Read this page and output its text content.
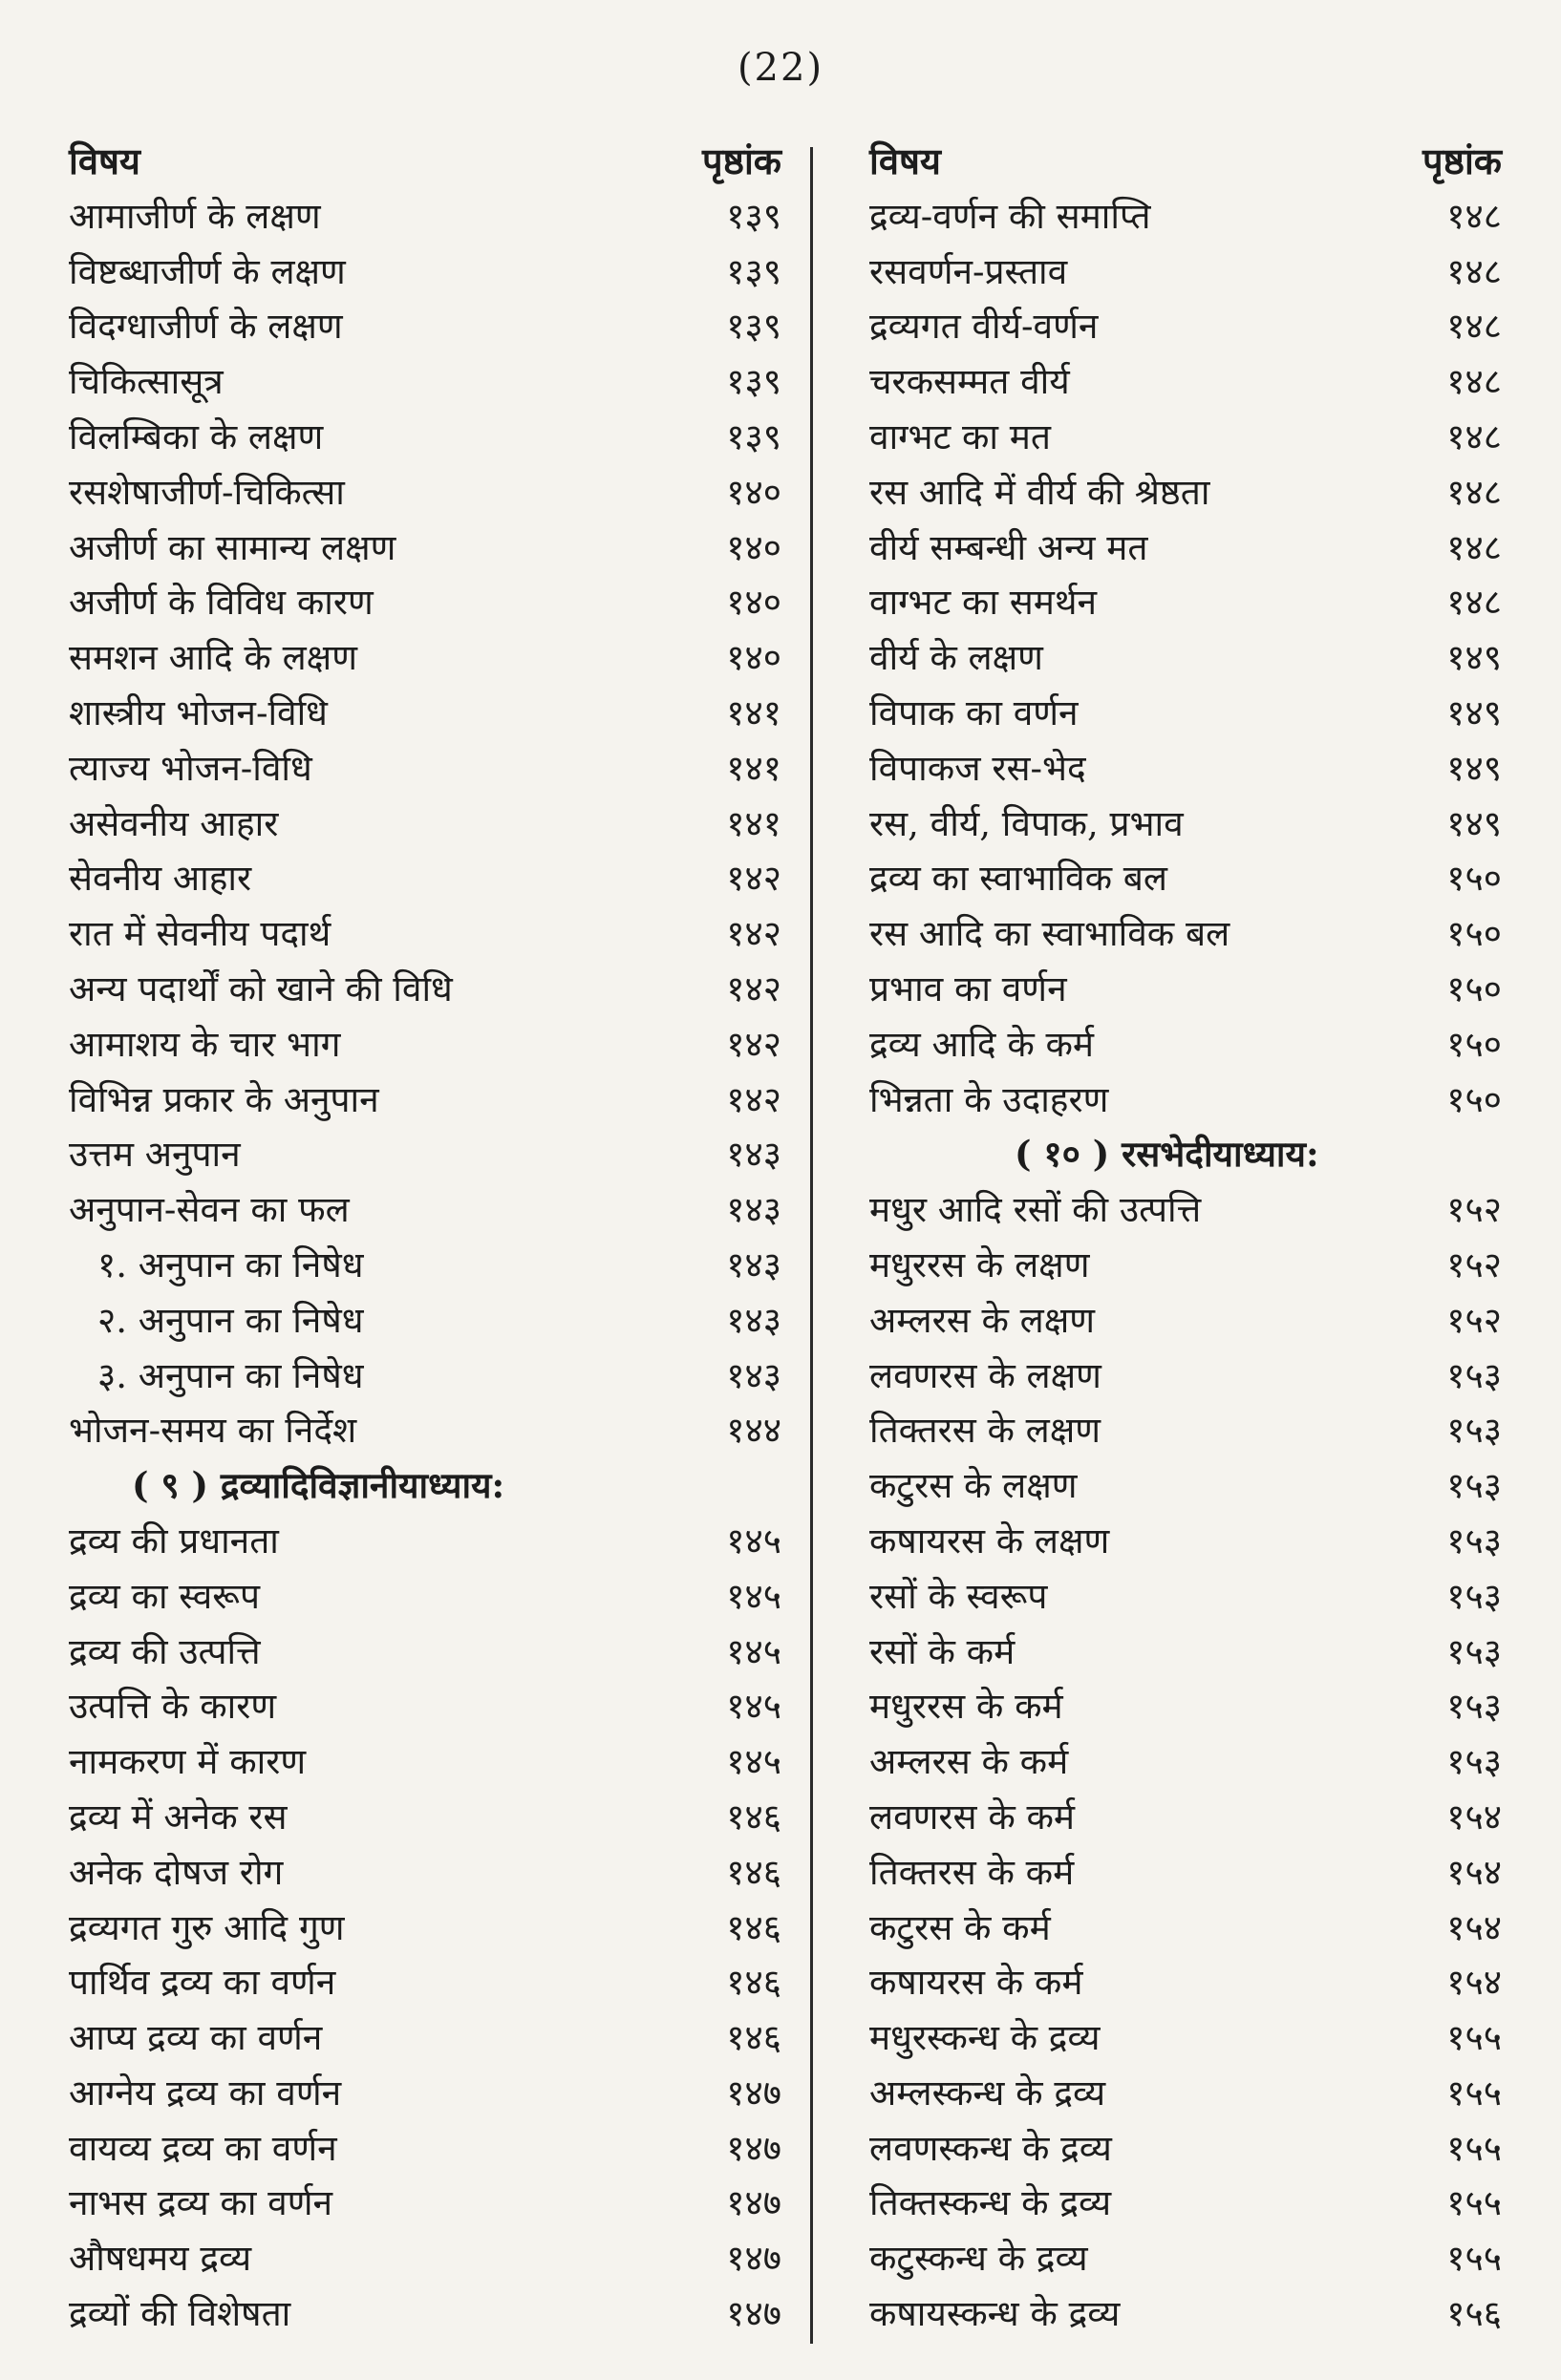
(22)
विषय	पृष्ठांक
आमाजीर्ण के लक्षण	१३९
विष्टब्धाजीर्ण के लक्षण	१३९
विदग्धाजीर्ण के लक्षण	१३९
चिकित्सासूत्र	१३९
विलम्बिका के लक्षण	१३९
रसशेषाजीर्ण-चिकित्सा	१४०
अजीर्ण का सामान्य लक्षण	१४०
अजीर्ण के विविध कारण	१४०
समशन आदि के लक्षण	१४०
शास्त्रीय भोजन-विधि	१४१
त्याज्य भोजन-विधि	१४१
असेवनीय आहार	१४१
सेवनीय आहार	१४२
रात में सेवनीय पदार्थ	१४२
अन्य पदार्थों को खाने की विधि	१४२
आमाशय के चार भाग	१४२
विभिन्न प्रकार के अनुपान	१४२
उत्तम अनुपान	१४३
अनुपान-सेवन का फल	१४३
१. अनुपान का निषेध	१४३
२. अनुपान का निषेध	१४३
३. अनुपान का निषेध	१४३
भोजन-समय का निर्देश	१४४
( ९ ) द्रव्यादिविज्ञानीयाध्याय:
द्रव्य की प्रधानता	१४५
द्रव्य का स्वरूप	१४५
द्रव्य की उत्पत्ति	१४५
उत्पत्ति के कारण	१४५
नामकरण में कारण	१४५
द्रव्य में अनेक रस	१४६
अनेक दोषज रोग	१४६
द्रव्यगत गुरु आदि गुण	१४६
पार्थिव द्रव्य का वर्णन	१४६
आप्य द्रव्य का वर्णन	१४६
आग्नेय द्रव्य का वर्णन	१४७
वायव्य द्रव्य का वर्णन	१४७
नाभस द्रव्य का वर्णन	१४७
औषधमय द्रव्य	१४७
द्रव्यों की विशेषता	१४७
विषय	पृष्ठांक
द्रव्य-वर्णन की समाप्ति	१४८
रसवर्णन-प्रस्ताव	१४८
द्रव्यगत वीर्य-वर्णन	१४८
चरकसम्मत वीर्य	१४८
वाग्भट का मत	१४८
रस आदि में वीर्य की श्रेष्ठता	१४८
वीर्य सम्बन्धी अन्य मत	१४८
वाग्भट का समर्थन	१४८
वीर्य के लक्षण	१४९
विपाक का वर्णन	१४९
विपाकज रस-भेद	१४९
रस, वीर्य, विपाक, प्रभाव	१४९
द्रव्य का स्वाभाविक बल	१५०
रस आदि का स्वाभाविक बल	१५०
प्रभाव का वर्णन	१५०
द्रव्य आदि के कर्म	१५०
भिन्नता के उदाहरण	१५०
( १० ) रसभेदीयाध्याय:
मधुर आदि रसों की उत्पत्ति	१५२
मधुररस के लक्षण	१५२
अम्लरस के लक्षण	१५२
लवणरस के लक्षण	१५३
तिक्तरस के लक्षण	१५३
कटुरस के लक्षण	१५३
कषायरस के लक्षण	१५३
रसों के स्वरूप	१५३
रसों के कर्म	१५३
मधुररस के कर्म	१५३
अम्लरस के कर्म	१५३
लवणरस के कर्म	१५४
तिक्तरस के कर्म	१५४
कटुरस के कर्म	१५४
कषायरस के कर्म	१५४
मधुरस्कन्ध के द्रव्य	१५५
अम्लस्कन्ध के द्रव्य	१५५
लवणस्कन्ध के द्रव्य	१५५
तिक्तस्कन्ध के द्रव्य	१५५
कटुस्कन्ध के द्रव्य	१५५
कषायस्कन्ध के द्रव्य	१५६
